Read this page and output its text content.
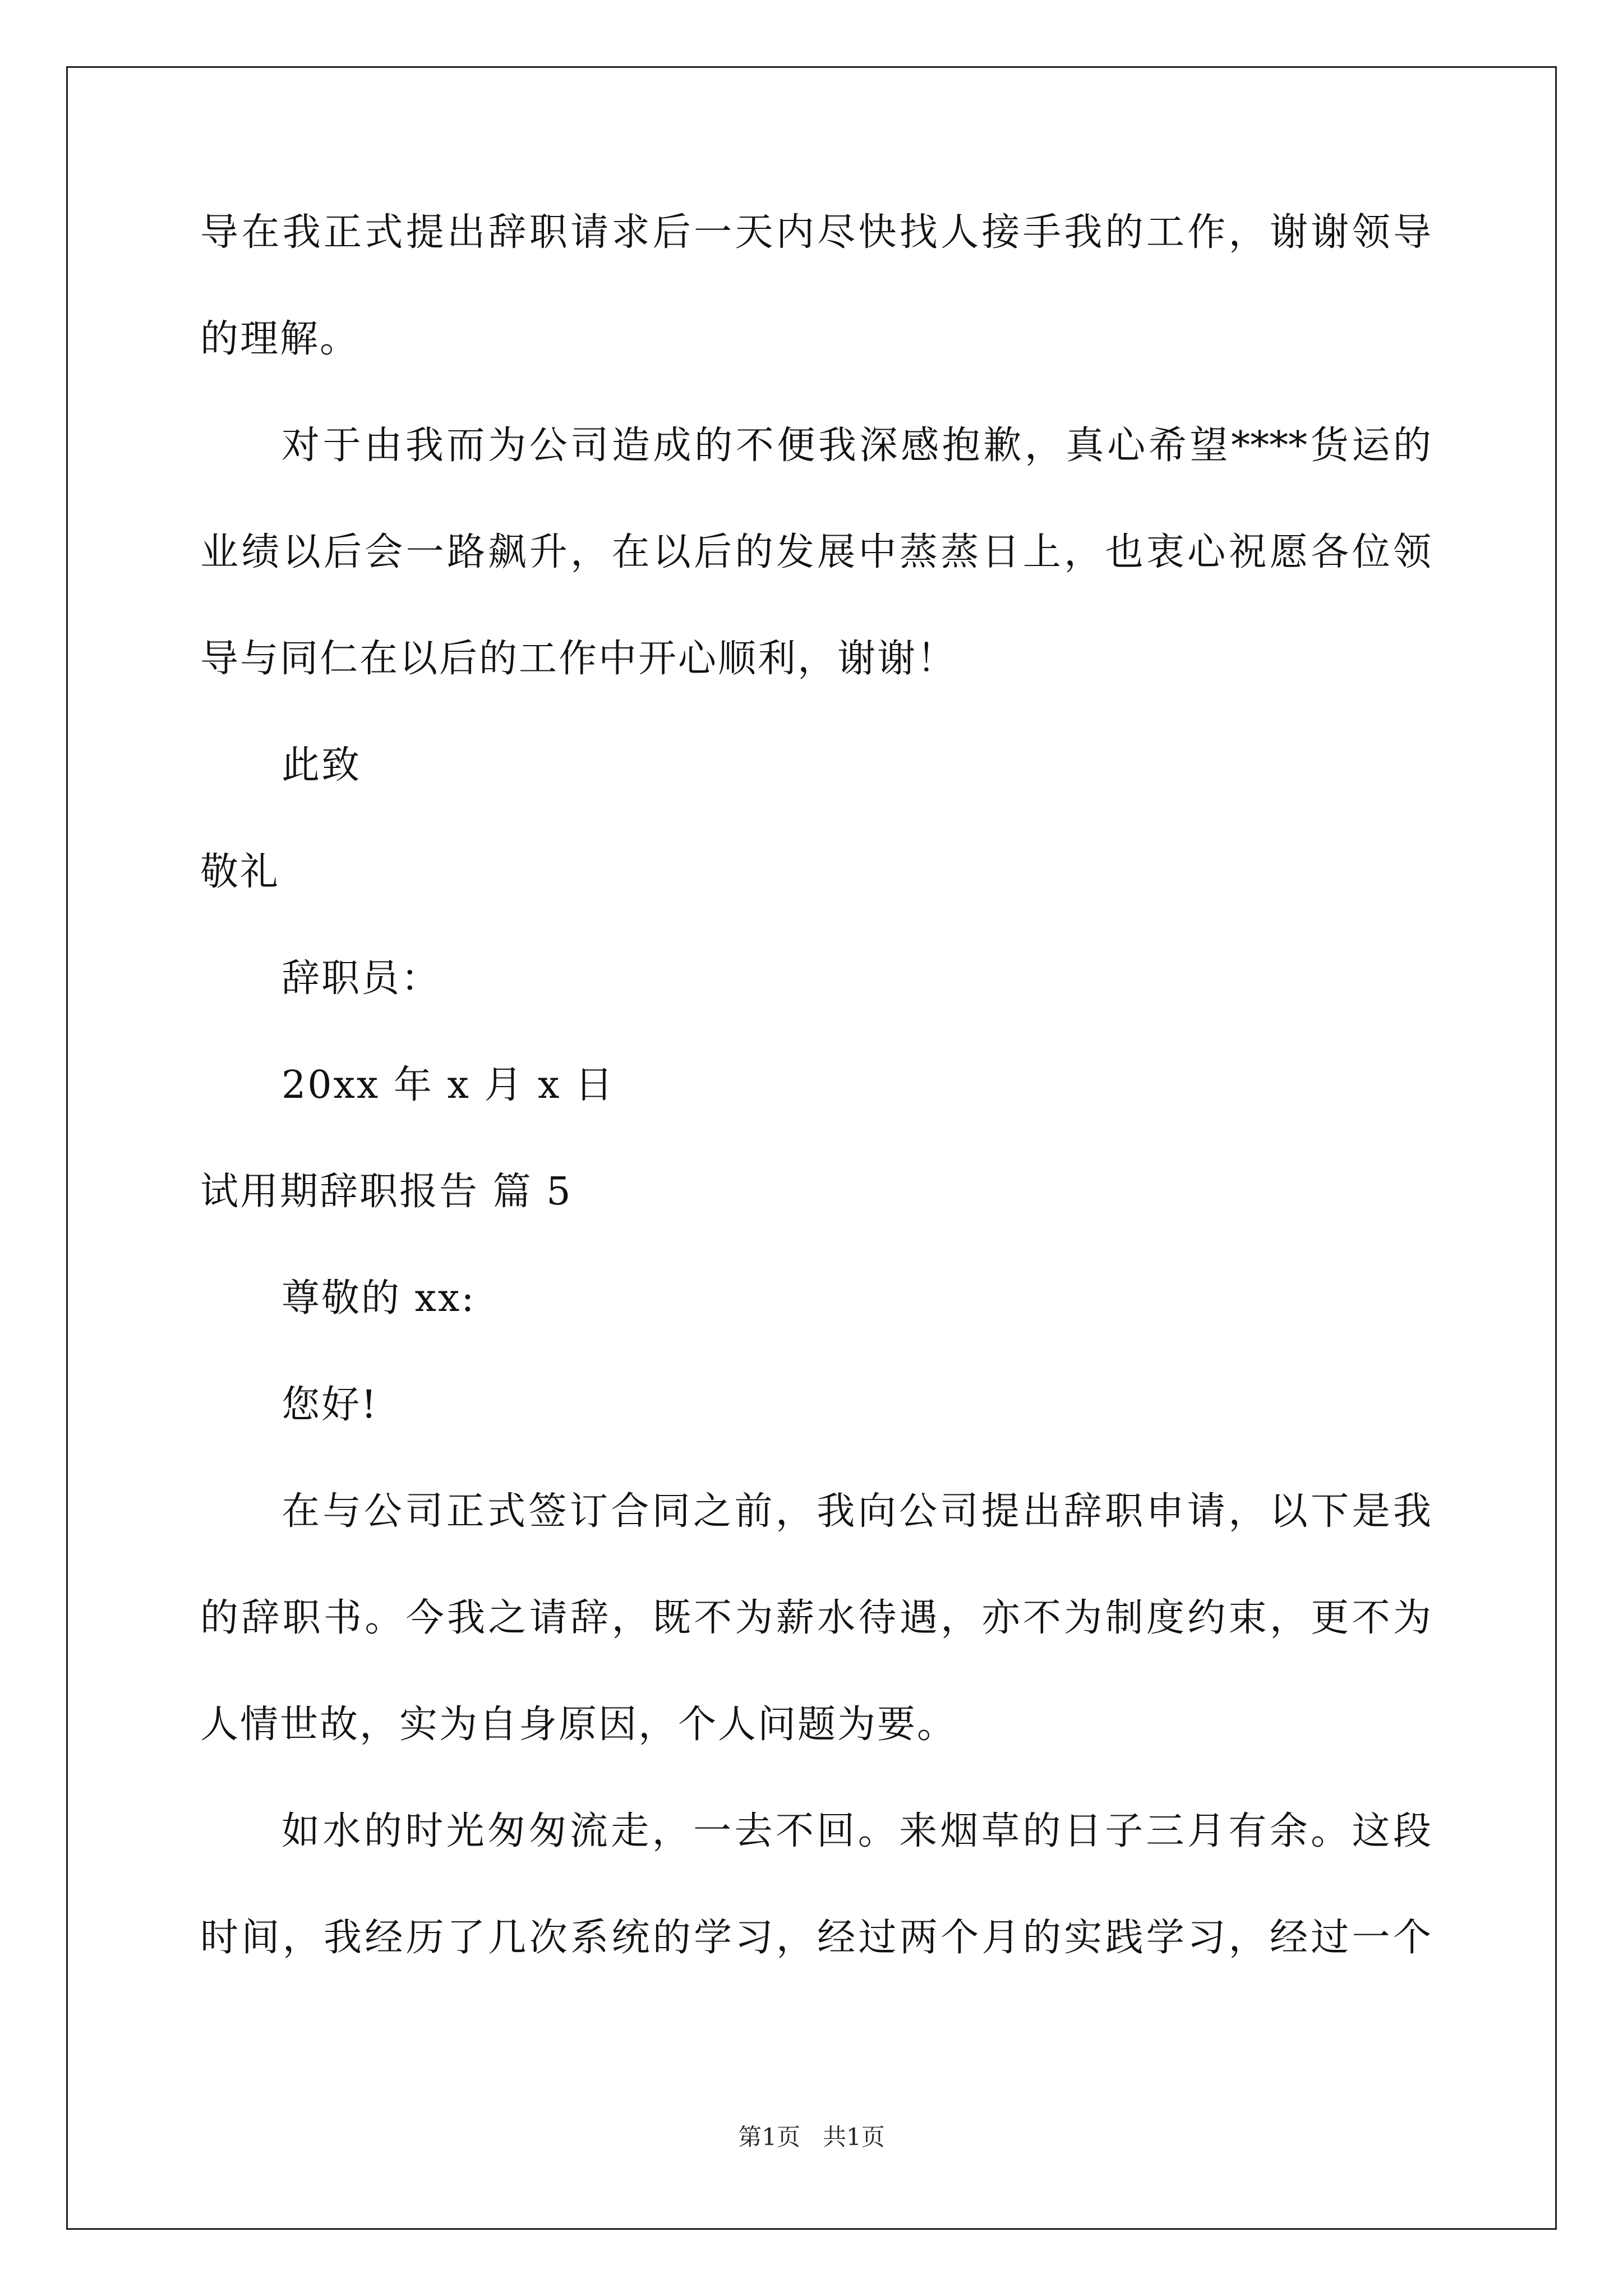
导在我正式提出辞职请求后一天内尽快找人接手我的工作，谢谢领导
的理解。
对于由我而为公司造成的不便我深感抱歉，真心希望****货运的
业绩以后会一路飙升，在以后的发展中蒸蒸日上，也衷心祝愿各位领
导与同仁在以后的工作中开心顺利，谢谢！
此致
敬礼
辞职员：
20xx 年 x 月 x 日
试用期辞职报告 篇 5
尊敬的 xx:
您好!
在与公司正式签订合同之前，我向公司提出辞职申请，以下是我
的辞职书。今我之请辞，既不为薪水待遇，亦不为制度约束，更不为
人情世故，实为自身原因，个人问题为要。
如水的时光匆匆流走，一去不回。来烟草的日子三月有余。这段
时间，我经历了几次系统的学习，经过两个月的实践学习，经过一个
第1页   共1页
